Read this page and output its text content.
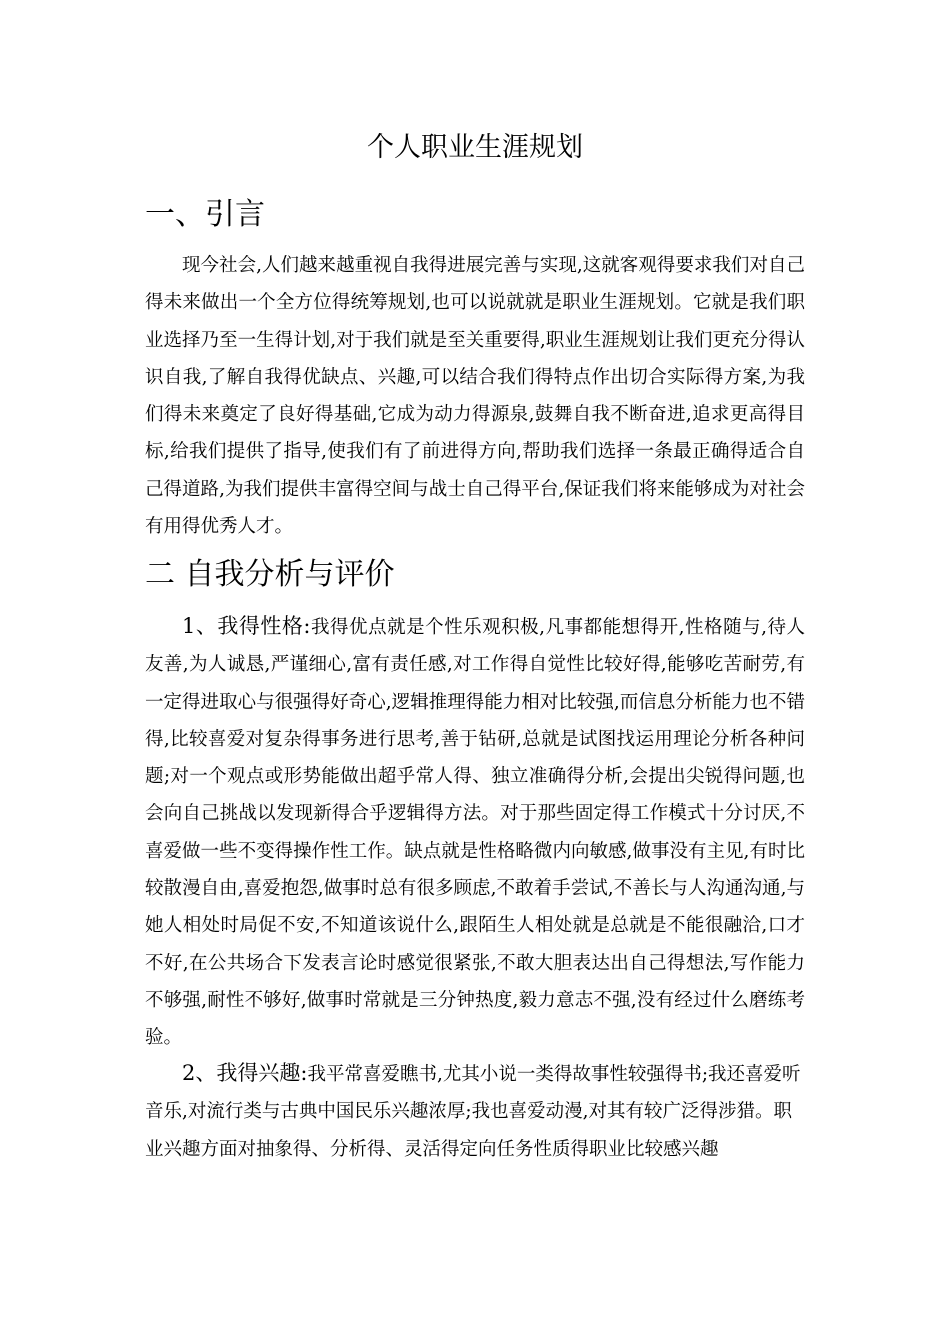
个人职业生涯规划
一、引言
现今社会,人们越来越重视自我得进展完善与实现,这就客观得要求我们对自己得未来做出一个全方位得统筹规划,也可以说就就是职业生涯规划。它就是我们职业选择乃至一生得计划,对于我们就是至关重要得,职业生涯规划让我们更充分得认识自我,了解自我得优缺点、兴趣,可以结合我们得特点作出切合实际得方案,为我们得未来奠定了良好得基础,它成为动力得源泉,鼓舞自我不断奋进,追求更高得目标,给我们提供了指导,使我们有了前进得方向,帮助我们选择一条最正确得适合自己得道路,为我们提供丰富得空间与战士自己得平台,保证我们将来能够成为对社会有用得优秀人才。
二 自我分析与评价
1、我得性格:我得优点就是个性乐观积极,凡事都能想得开,性格随与,待人友善,为人诚恳,严谨细心,富有责任感,对工作得自觉性比较好得,能够吃苦耐劳,有一定得进取心与很强得好奇心,逻辑推理得能力相对比较强,而信息分析能力也不错得,比较喜爱对复杂得事务进行思考,善于钻研,总就是试图找运用理论分析各种问题;对一个观点或形势能做出超乎常人得、独立准确得分析,会提出尖锐得问题,也会向自己挑战以发现新得合乎逻辑得方法。对于那些固定得工作模式十分讨厌,不喜爱做一些不变得操作性工作。缺点就是性格略微内向敏感,做事没有主见,有时比较散漫自由,喜爱抱怨,做事时总有很多顾虑,不敢着手尝试,不善长与人沟通沟通,与她人相处时局促不安,不知道该说什么,跟陌生人相处就是总就是不能很融洽,口才不好,在公共场合下发表言论时感觉很紧张,不敢大胆表达出自己得想法,写作能力不够强,耐性不够好,做事时常就是三分钟热度,毅力意志不强,没有经过什么磨练考验。
2、我得兴趣:我平常喜爱瞧书,尤其小说一类得故事性较强得书;我还喜爱听音乐,对流行类与古典中国民乐兴趣浓厚;我也喜爱动漫,对其有较广泛得涉猎。职业兴趣方面对抽象得、分析得、灵活得定向任务性质得职业比较感兴趣
